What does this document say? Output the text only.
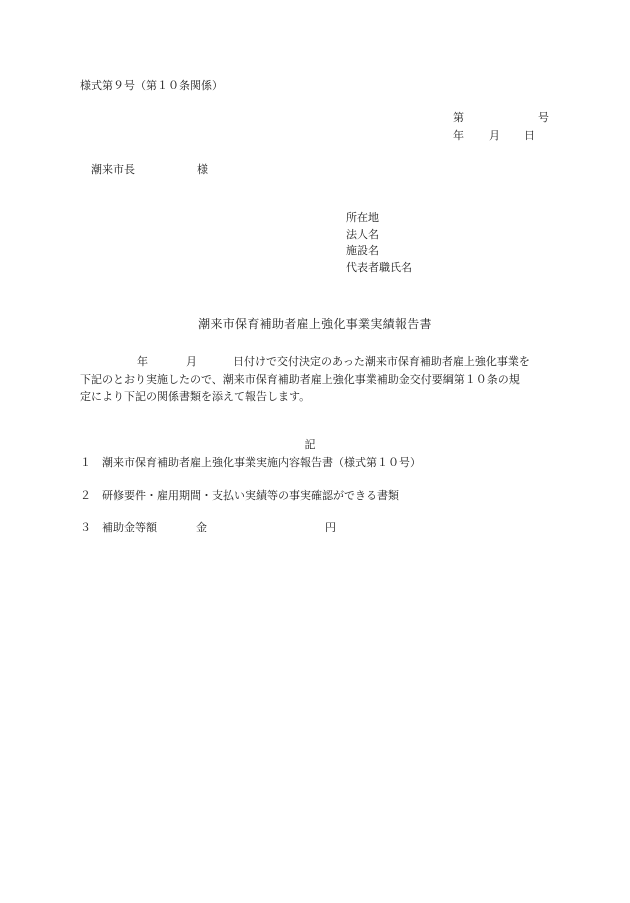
様式第９号（第１０条関係）
第	号
年 月 日
潮来市長	様
所在地
法人名
施設名
代表者職氏名
潮来市保育補助者雇上強化事業実績報告書
年	月	日付けで交付決定のあった潮来市保育補助者雇上強化事業を
下記のとおり実施したので、潮来市保育補助者雇上強化事業補助金交付要綱第１０条の規
定により下記の関係書類を添えて報告します。
記
１ 潮来市保育補助者雇上強化事業実施内容報告書（様式第１０号）
２ 研修要件・雇用期間・支払い実績等の事実確認ができる書類
３ 補助金等額	金	円
